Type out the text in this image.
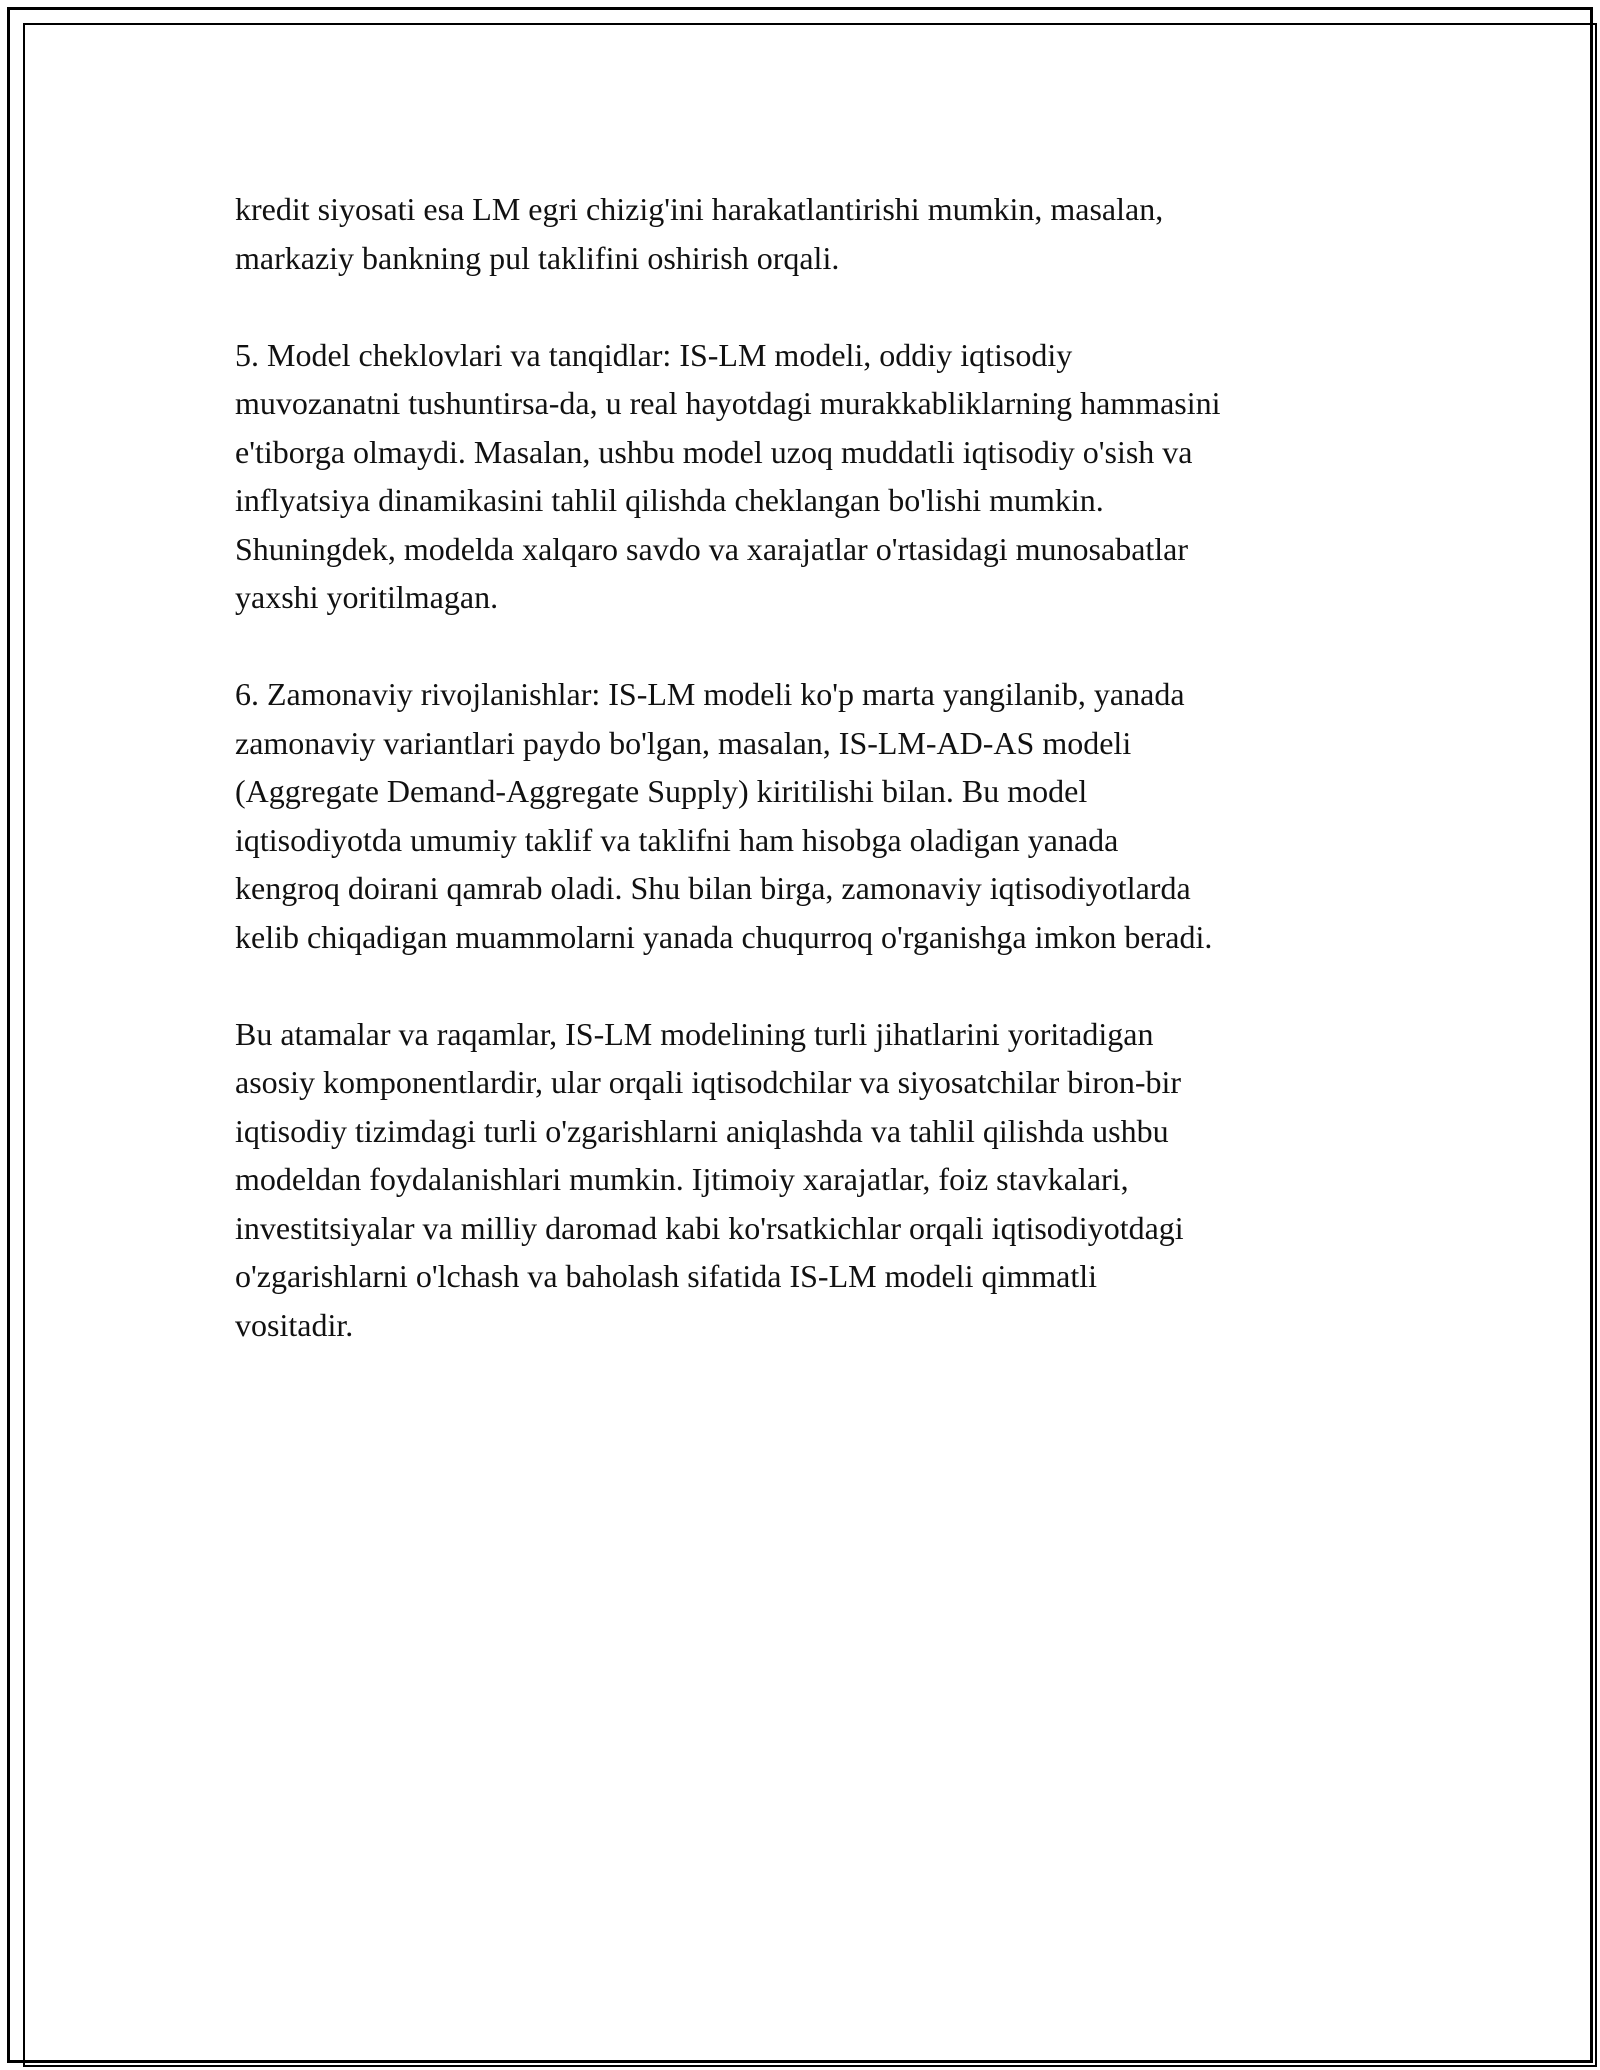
kredit siyosati esa LM egri chizig'ini harakatlantirishi mumkin, masalan,
markaziy bankning pul taklifini oshirish orqali.

5. Model cheklovlari va tanqidlar: IS-LM modeli, oddiy iqtisodiy
muvozanatni tushuntirsa-da, u real hayotdagi murakkabliklarning hammasini
e'tiborga olmaydi. Masalan, ushbu model uzoq muddatli iqtisodiy o'sish va
inflyatsiya dinamikasini tahlil qilishda cheklangan bo'lishi mumkin.
Shuningdek, modelda xalqaro savdo va xarajatlar o'rtasidagi munosabatlar
yaxshi yoritilmagan.

6. Zamonaviy rivojlanishlar: IS-LM modeli ko'p marta yangilanib, yanada
zamonaviy variantlari paydo bo'lgan, masalan, IS-LM-AD-AS modeli
(Aggregate Demand-Aggregate Supply) kiritilishi bilan. Bu model
iqtisodiyotda umumiy taklif va taklifni ham hisobga oladigan yanada
kengroq doirani qamrab oladi. Shu bilan birga, zamonaviy iqtisodiyotlarda
kelib chiqadigan muammolarni yanada chuqurroq o'rganishga imkon beradi.

Bu atamalar va raqamlar, IS-LM modelining turli jihatlarini yoritadigan
asosiy komponentlardir, ular orqali iqtisodchilar va siyosatchilar biron-bir
iqtisodiy tizimdagi turli o'zgarishlarni aniqlashda va tahlil qilishda ushbu
modeldan foydalanishlari mumkin. Ijtimoiy xarajatlar, foiz stavkalari,
investitsiyalar va milliy daromad kabi ko'rsatkichlar orqali iqtisodiyotdagi
o'zgarishlarni o'lchash va baholash sifatida IS-LM modeli qimmatli
vositadir.
